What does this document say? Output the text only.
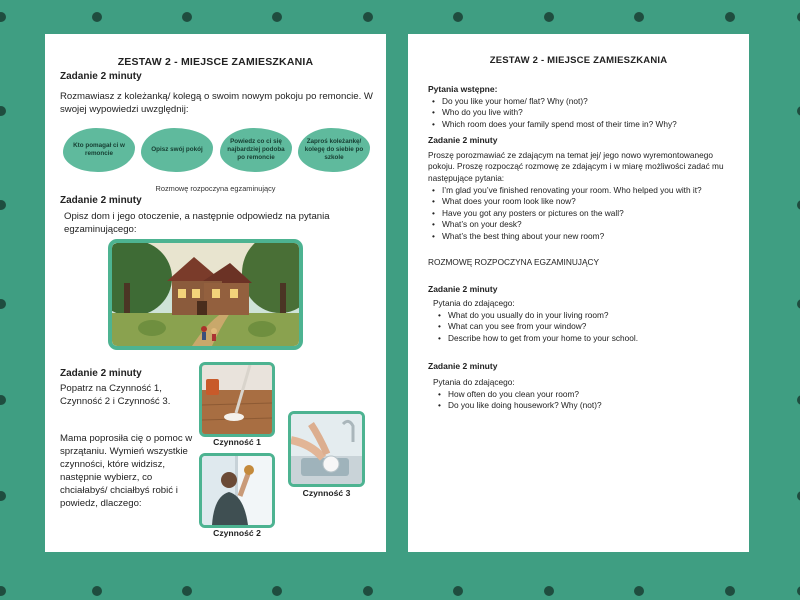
ZESTAW 2 - MIEJSCE ZAMIESZKANIA
Zadanie 2 minuty
Rozmawiasz z koleżanką/ kolegą o swoim nowym pokoju po remoncie. W swojej wypowiedzi uwzględnij:
Kto pomagał ci w remoncie
Opisz swój pokój
Powiedz co ci się najbardziej podoba po remoncie
Zaproś koleżankę/ kolegę do siebie po szkole
Rozmowę rozpoczyna egzaminujący
Zadanie 2 minuty
Opisz dom i jego otoczenie, a następnie odpowiedz na pytania egzaminującego:
Zadanie 2 minuty
Popatrz na Czynność 1, Czynność 2 i Czynność 3.
Mama poprosiła cię o pomoc w sprzątaniu. Wymień wszystkie czynności, które widzisz, następnie wybierz, co chciałabyś/ chciałbyś robić i powiedz, dlaczego:
Czynność 1
Czynność 2
Czynność 3
ZESTAW 2 - MIEJSCE ZAMIESZKANIA
Pytania wstępne:
• Do you like your home/ flat? Why (not)?
• Who do you live with?
• Which room does your family spend most of their time in? Why?
Zadanie 2 minuty
Proszę porozmawiać ze zdającym na temat jej/ jego nowo wyremontowanego pokoju. Proszę rozpocząć rozmowę ze zdającym i w miarę możliwości zadać mu następujące pytania:
• I’m glad you’ve finished renovating your room. Who helped you with it?
• What does your room look like now?
• Have you got any posters or pictures on the wall?
• What’s on your desk?
• What’s the best thing about your new room?
ROZMOWĘ ROZPOCZYNA EGZAMINUJĄCY
Zadanie 2 minuty
Pytania do zdającego:
• What do you usually do in your living room?
• What can you see from your window?
• Describe how to get from your home to your school.
Zadanie 2 minuty
Pytania do zdającego:
• How often do you clean your room?
• Do you like doing housework? Why (not)?
